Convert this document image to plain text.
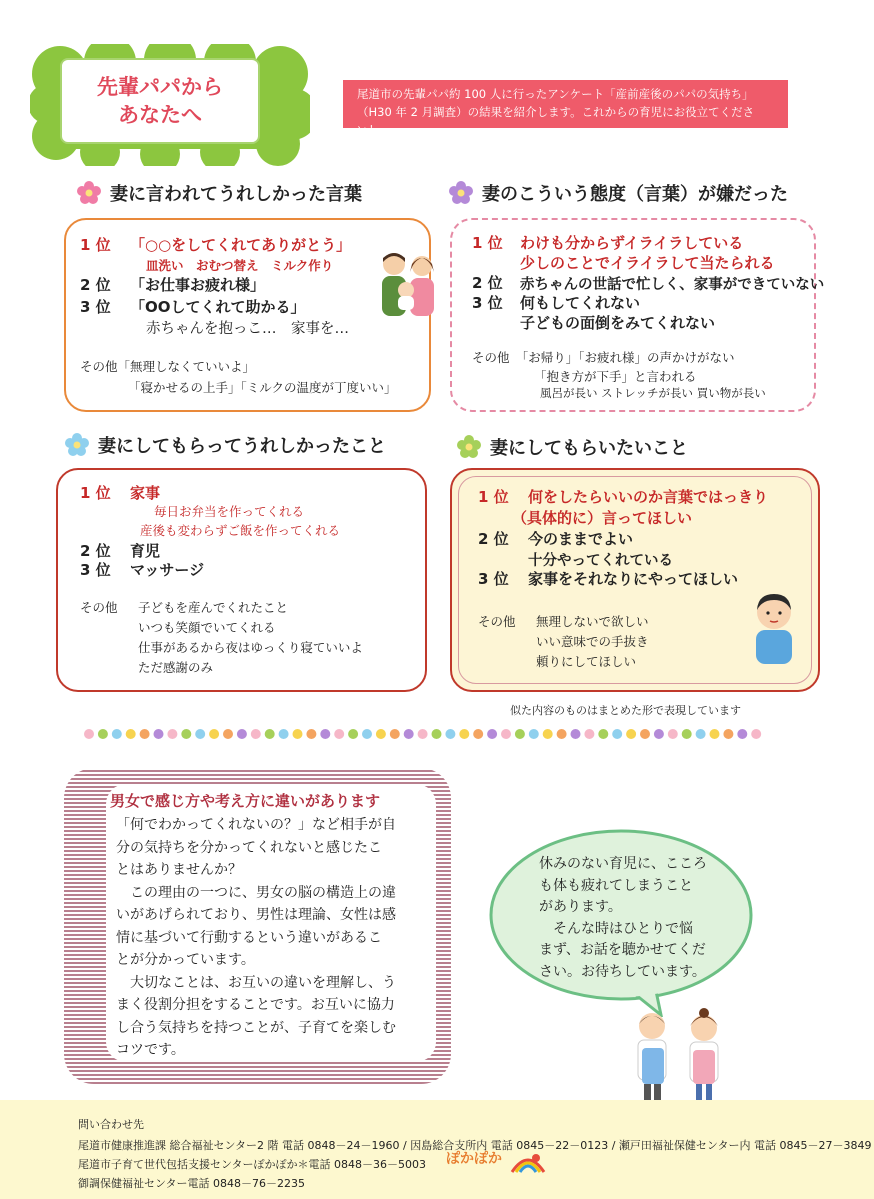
先輩パパから
あなたへ
尾道市の先輩パパ約 100 人に行ったアンケート「産前産後のパパの気持ち」
（H30 年 2 月調査）の結果を紹介します。これからの育児にお役立てください！
妻に言われてうれしかった言葉
1 位 「○○をしてくれてありがとう」
皿洗い　おむつ替え　ミルク作り
2 位 「お仕事お疲れ様」
3 位 「OOしてくれて助かる」
赤ちゃんを抱っこ…　家事を…
その他「無理しなくていいよ」
「寝かせるの上手」「ミルクの温度が丁度いい」
妻のこういう態度（言葉）が嫌だった
1 位 わけも分からずイライラしている
少しのことでイライラして当たられる
2 位 赤ちゃんの世話で忙しく、家事ができていない
3 位 何もしてくれない
子どもの面倒をみてくれない
その他　「お帰り」「お疲れ様」の声かけがない
「抱き方が下手」と言われる
風呂が長い ストレッチが長い 買い物が長い
妻にしてもらってうれしかったこと
1 位 家事
毎日お弁当を作ってくれる
産後も変わらずご飯を作ってくれる
2 位 育児
3 位 マッサージ
その他 子どもを産んでくれたこと
いつも笑顔でいてくれる
仕事があるから夜はゆっくり寝ていいよ
ただ感謝のみ
妻にしてもらいたいこと
1 位 何をしたらいいのか言葉ではっきり
（具体的に）言ってほしい
2 位 今のままでよい
十分やってくれている
3 位 家事をそれなりにやってほしい
その他 無理しないで欲しい
いい意味での手抜き
頼りにしてほしい
似た内容のものはまとめた形で表現しています
男女で感じ方や考え方に違いがあります
「何でわかってくれないの？」など相手が自
分の気持ちを分かってくれないと感じたこ
とはありませんか？
　この理由の一つに、男女の脳の構造上の違
いがあげられており、男性は理論、女性は感
情に基づいて行動するという違いがあるこ
とが分かっています。
　大切なことは、お互いの違いを理解し、う
まく役割分担をすることです。お互いに協力
し合う気持ちを持つことが、子育てを楽しむ
コツです。
休みのない育児に、こころ
も体も疲れてしまうこと
があります。
　そんな時はひとりで悩
まず、お話を聴かせてくだ
さい。お待ちしています。
問い合わせ先
尾道市健康推進課 総合福祉センター2 階 電話 0848－24－1960 / 因島総合支所内 電話 0845－22－0123 / 瀬戸田福祉保健センター内 電話 0845－27－3849
尾道市子育て世代包括支援センターぽかぽか＊電話 0848－36－5003
御調保健福祉センター電話 0848－76－2235
ぽかぽか
